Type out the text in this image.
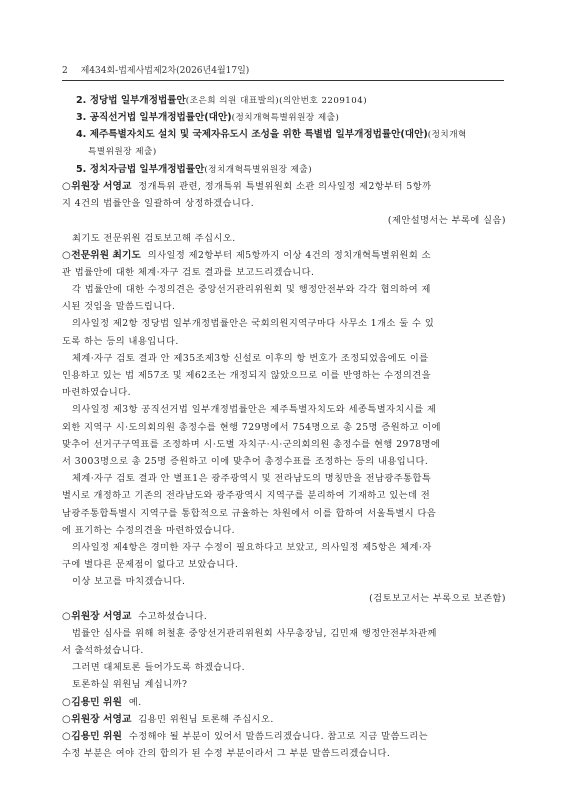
2 제434회-법제사법제2차(2026년4월17일)
2. 정당법 일부개정법률안(조은희 의원 대표발의)(의안번호 2209104)
3. 공직선거법 일부개정법률안(대안)(정치개혁특별위원장 제출)
4. 제주특별자치도 설치 및 국제자유도시 조성을 위한 특별법 일부개정법률안(대안)(정치개혁
특별위원장 제출)
5. 정치자금법 일부개정법률안(정치개혁특별위원장 제출)
○위원장 서영교 정개특위 관련, 정개특위 특별위원회 소관 의사일정 제2항부터 5항까
지 4건의 법률안을 일괄하여 상정하겠습니다.
(제안설명서는 부록에 실음)
최기도 전문위원 검토보고해 주십시오.
○전문위원 최기도 의사일정 제2항부터 제5항까지 이상 4건의 정치개혁특별위원회 소
관 법률안에 대한 체계·자구 검토 결과를 보고드리겠습니다.
각 법률안에 대한 수정의견은 중앙선거관리위원회 및 행정안전부와 각각 협의하여 제
시된 것임을 말씀드립니다.
의사일정 제2항 정당법 일부개정법률안은 국회의원지역구마다 사무소 1개소 둘 수 있
도록 하는 등의 내용입니다.
체계·자구 검토 결과 안 제35조제3항 신설로 이후의 항 번호가 조정되었음에도 이를
인용하고 있는 법 제57조 및 제62조는 개정되지 않았으므로 이를 반영하는 수정의견을
마련하였습니다.
의사일정 제3항 공직선거법 일부개정법률안은 제주특별자치도와 세종특별자치시를 제
외한 지역구 시·도의회의원 총정수를 현행 729명에서 754명으로 총 25명 증원하고 이에
맞추어 선거구구역표를 조정하며 시·도별 자치구·시·군의회의원 총정수를 현행 2978명에
서 3003명으로 총 25명 증원하고 이에 맞추어 총정수표를 조정하는 등의 내용입니다.
체계·자구 검토 결과 안 별표1은 광주광역시 및 전라남도의 명칭만을 전남광주통합특
별시로 개정하고 기존의 전라남도와 광주광역시 지역구를 분리하여 기재하고 있는데 전
남광주통합특별시 지역구를 통합적으로 규율하는 차원에서 이를 합하여 서울특별시 다음
에 표기하는 수정의견을 마련하였습니다.
의사일정 제4항은 경미한 자구 수정이 필요하다고 보았고, 의사일정 제5항은 체계·자
구에 별다른 문제점이 없다고 보았습니다.
이상 보고를 마치겠습니다.
(검토보고서는 부록으로 보존함)
○위원장 서영교 수고하셨습니다.
법률안 심사를 위해 허철훈 중앙선거관리위원회 사무총장님, 김민재 행정안전부차관께
서 출석하셨습니다.
그러면 대체토론 들어가도록 하겠습니다.
토론하실 위원님 계십니까?
○김용민 위원 예.
○위원장 서영교 김용민 위원님 토론해 주십시오.
○김용민 위원 수정해야 될 부분이 있어서 말씀드리겠습니다. 참고로 지금 말씀드리는
수정 부분은 여야 간의 합의가 된 수정 부분이라서 그 부분 말씀드리겠습니다.
